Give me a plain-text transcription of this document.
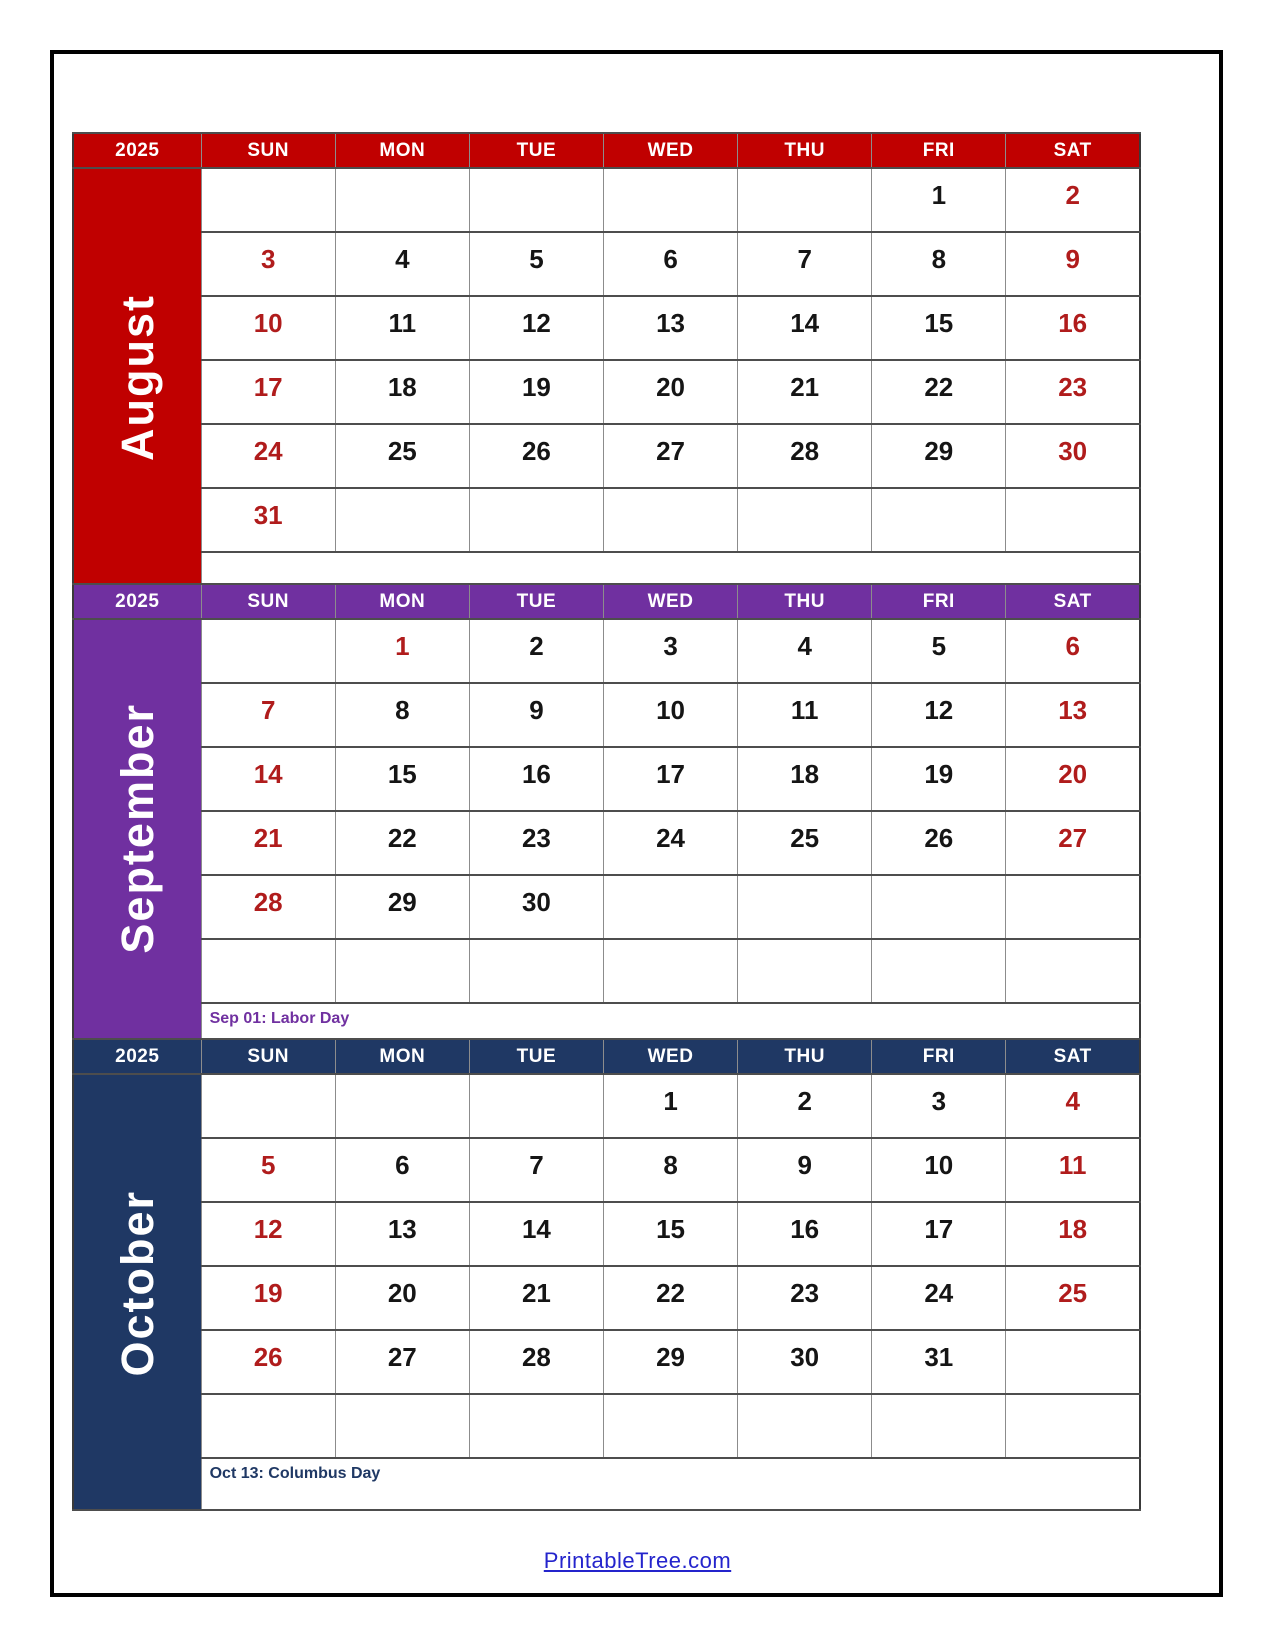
2025	SUN	MON	TUE	WED	THU	FRI	SAT
August						1	2
	3	4	5	6	7	8	9
	10	11	12	13	14	15	16
	17	18	19	20	21	22	23
	24	25	26	27	28	29	30
	31						

2025	SUN	MON	TUE	WED	THU	FRI	SAT
September		1	2	3	4	5	6
	7	8	9	10	11	12	13
	14	15	16	17	18	19	20
	21	22	23	24	25	26	27
	28	29	30				

	Sep 01: Labor Day						
2025	SUN	MON	TUE	WED	THU	FRI	SAT
October				1	2	3	4
	5	6	7	8	9	10	11
	12	13	14	15	16	17	18
	19	20	21	22	23	24	25
	26	27	28	29	30	31	

	Oct 13: Columbus Day						
PrintableTree.com
